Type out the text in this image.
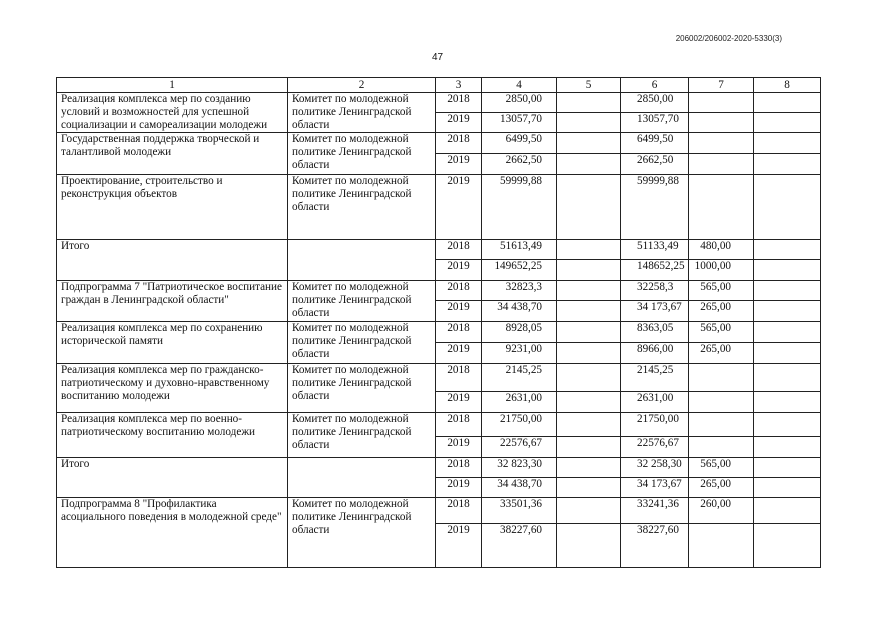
206002/206002-2020-5330(3)
47
1	2	3	4	5	6	7	8
Реализация комплекса мер по созданию условий и возможностей для успешной социализации и самореализации молодежи	Комитет по молодежной политике Ленинградской области	2018	2850,00		2850,00		
		2019	13057,70		13057,70		
Государственная поддержка творческой и талантливой молодежи	Комитет по молодежной политике Ленинградской области	2018	6499,50		6499,50		
		2019	2662,50		2662,50		
Проектирование, строительство и реконструкция объектов	Комитет по молодежной политике Ленинградской области	2019	59999,88		59999,88		
Итого		2018	51613,49		51133,49	480,00	
		2019	149652,25		148652,25	1000,00	
Подпрограмма 7 "Патриотическое воспитание граждан в Ленинградской области"	Комитет по молодежной политике Ленинградской области	2018	32823,3		32258,3	565,00	
		2019	34 438,70		34 173,67	265,00	
Реализация комплекса мер по сохранению исторической памяти	Комитет по молодежной политике Ленинградской области	2018	8928,05		8363,05	565,00	
		2019	9231,00		8966,00	265,00	
Реализация комплекса мер по гражданско-патриотическому и духовно-нравственному воспитанию молодежи	Комитет по молодежной политике Ленинградской области	2018	2145,25		2145,25		
		2019	2631,00		2631,00		
Реализация комплекса мер по военно-патриотическому воспитанию молодежи	Комитет по молодежной политике Ленинградской области	2018	21750,00		21750,00		
		2019	22576,67		22576,67		
Итого		2018	32 823,30		32 258,30	565,00	
		2019	34 438,70		34 173,67	265,00	
Подпрограмма 8 "Профилактика асоциального поведения в молодежной среде"	Комитет по молодежной политике Ленинградской области	2018	33501,36		33241,36	260,00	
		2019	38227,60		38227,60		
